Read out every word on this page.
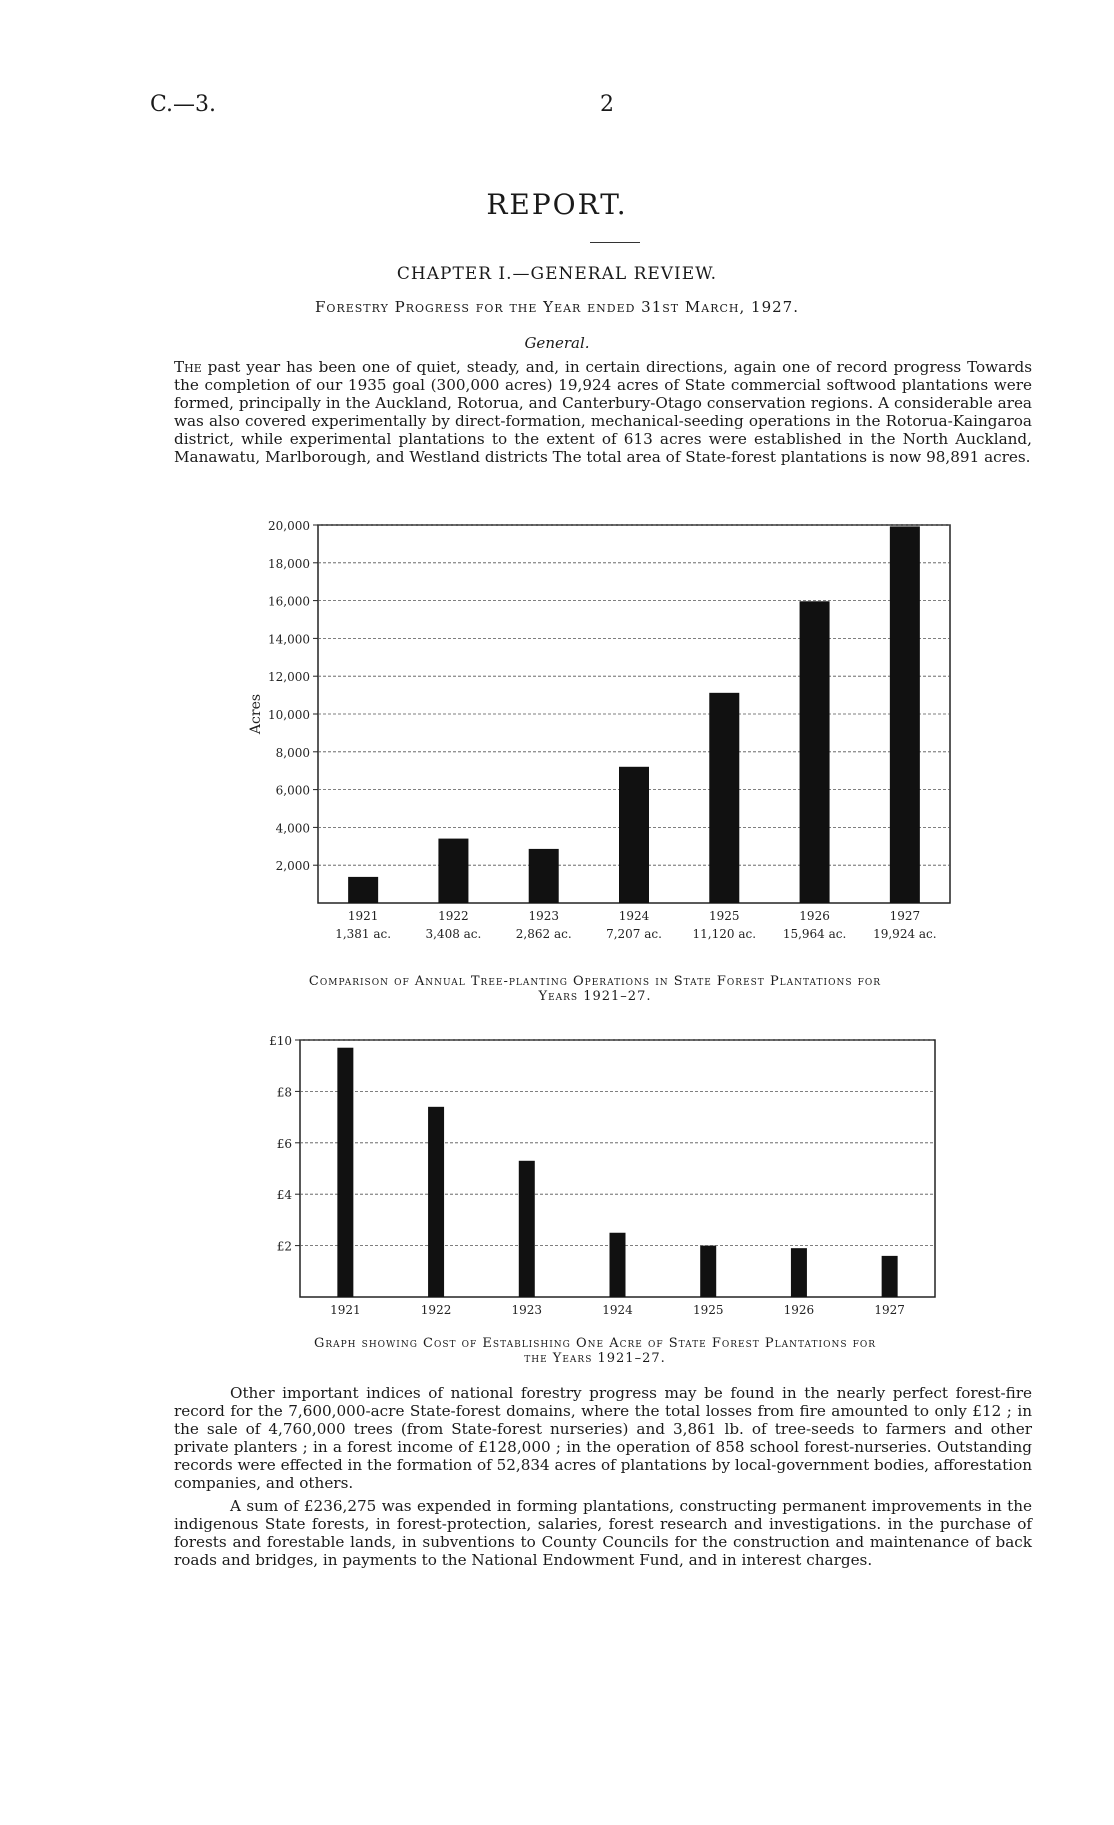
C.—3.	2
REPORT.
CHAPTER I.—GENERAL REVIEW.
Forestry Progress for the Year ended 31st March, 1927.
General.

The past year has been one of quiet, steady, and, in certain directions, again one of record progress Towards the completion of our 1935 goal (300,000 acres) 19,924 acres of State commercial softwood plantations were formed, principally in the Auckland, Rotorua, and Canterbury-Otago conservation regions. A considerable area was also covered experimentally by direct-formation, mechanical-seeding operations in the Rotorua-Kaingaroa district, while experimental plantations to the extent of 613 acres were established in the North Auckland, Manawatu, Marlborough, and Westland districts The total area of State-forest plantations is now 98,891 acres.

20,000
18,000
16,000
14,000
12,000
10,000
8,000
6,000
4,000
2,000
1921
1,381 ac.
1922
3,408 ac.
1923
2,862 ac.
1924
7,207 ac.
1925
11,120 ac.
1926
15,964 ac.
1927
19,924 ac.
Acres
£10
£8
£6
£4
£2
1921	1922	1923	1924	1925	1926	1927
Comparison of Annual Tree-planting Operations in State Forest Plantations for
Years 1921–27.
Graph showing Cost of Establishing One Acre of State Forest Plantations for
the Years 1921–27.

Other important indices of national forestry progress may be found in the nearly perfect forest-fire record for the 7,600,000-acre State-forest domains, where the total losses from fire amounted to only £12 ; in the sale of 4,760,000 trees (from State-forest nurseries) and 3,861 lb. of tree-seeds to farmers and other private planters ; in a forest income of £128,000 ; in the operation of 858 school forest-nurseries. Outstanding records were effected in the formation of 52,834 acres of plantations by local-government bodies, afforestation companies, and others.

A sum of £236,275 was expended in forming plantations, constructing permanent improvements in the indigenous State forests, in forest-protection, salaries, forest research and investigations. in the purchase of forests and forestable lands, in subventions to County Councils for the construction and maintenance of back roads and bridges, in payments to the National Endowment Fund, and in interest charges.
